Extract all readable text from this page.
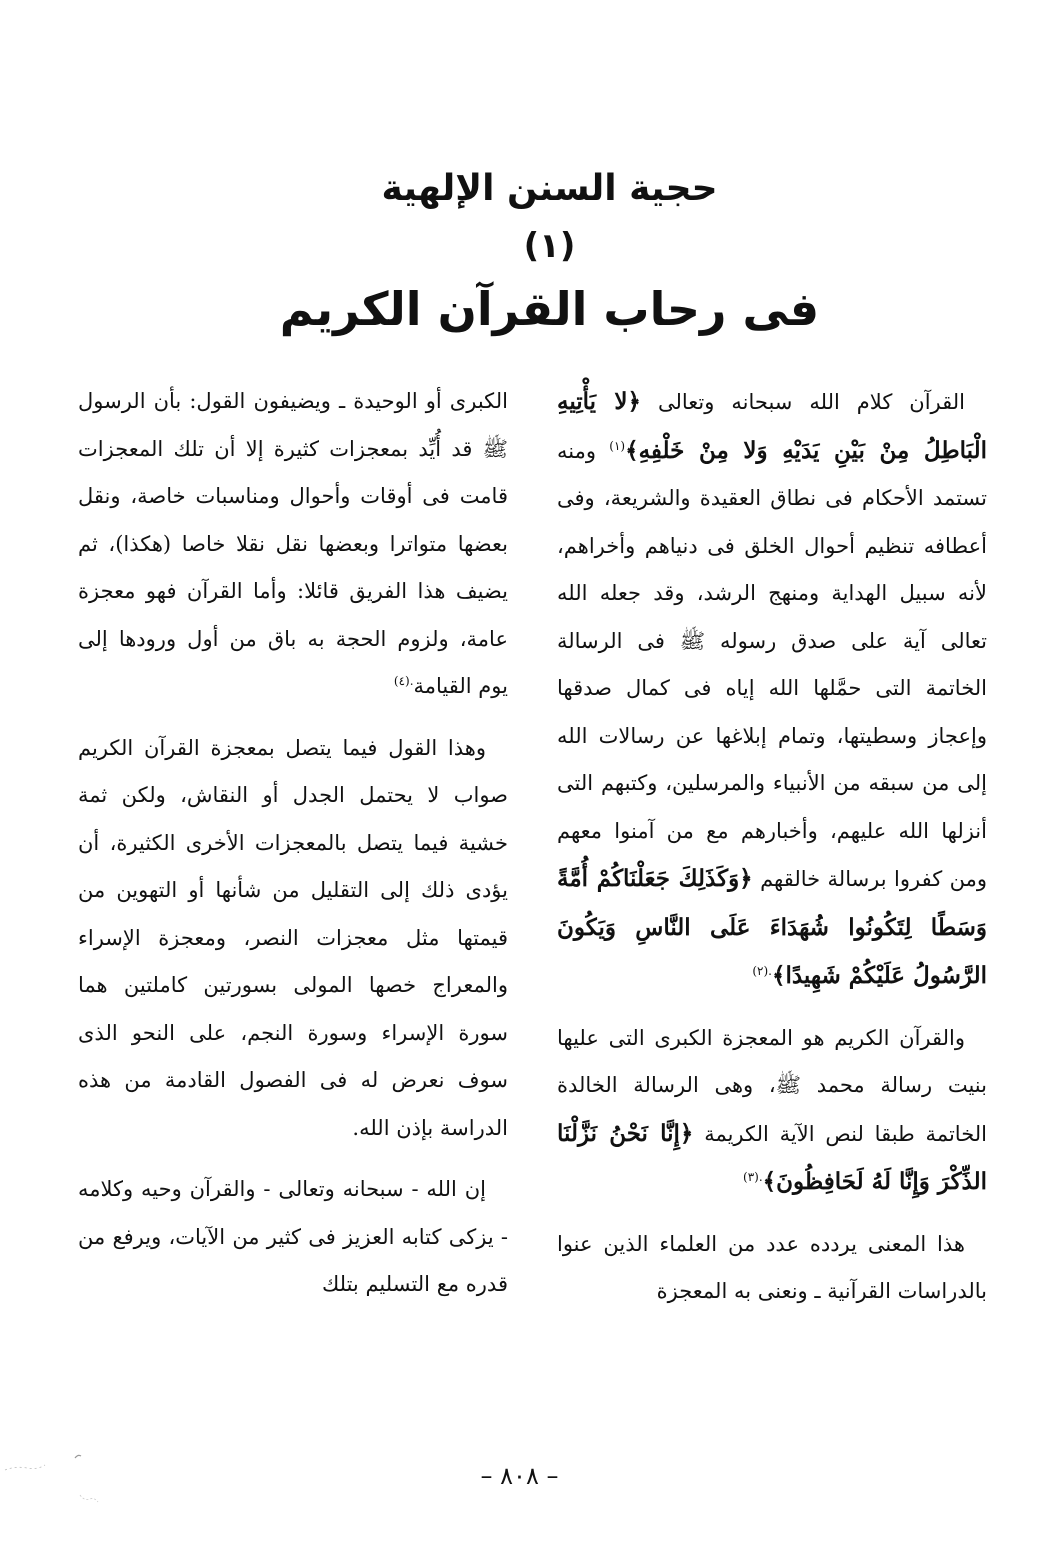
حجية السنن الإلهية
(١)
فى رحاب القرآن الكريم

القرآن كلام الله سبحانه وتعالى ﴿لا يَأْتِيهِ الْبَاطِلُ مِنْ بَيْنِ يَدَيْهِ وَلا مِنْ خَلْفِهِ﴾$^{(١)}$ ومنه تستمد الأحكام فى نطاق العقيدة والشريعة، وفى أعطافه تنظيم أحوال الخلق فى دنياهم وأخراهم، لأنه سبيل الهداية ومنهج الرشد، وقد جعله الله تعالى آية على صدق رسوله ﷺ فى الرسالة الخاتمة التى حمَّلها الله إياه فى كمال صدقها وإعجاز وسطيتها، وتمام إبلاغها عن رسالات الله إلى من سبقه من الأنبياء والمرسلين، وكتبهم التى أنزلها الله عليهم، وأخبارهم مع من آمنوا معهم ومن كفروا برسالة خالقهم ﴿وَكَذَلِكَ جَعَلْنَاكُمْ أُمَّةً وَسَطًا لِتَكُونُوا شُهَدَاءَ عَلَى النَّاسِ وَيَكُونَ الرَّسُولُ عَلَيْكُمْ شَهِيدًا﴾$^{.(٢)}$

والقرآن الكريم هو المعجزة الكبرى التى عليها بنيت رسالة محمد ﷺ، وهى الرسالة الخالدة الخاتمة طبقا لنص الآية الكريمة ﴿إِنَّا نَحْنُ نَزَّلْنَا الذِّكْرَ وَإِنَّا لَهُ لَحَافِظُونَ﴾$^{.(٣)}$

هذا المعنى يردده عدد من العلماء الذين عنوا بالدراسات القرآنية ـ ونعنى به المعجزة

الكبرى أو الوحيدة ـ ويضيفون القول: بأن الرسول ﷺ قد أُيِّد بمعجزات كثيرة إلا أن تلك المعجزات قامت فى أوقات وأحوال ومناسبات خاصة، ونقل بعضها متواترا وبعضها نقل نقلا خاصا (هكذا)، ثم يضيف هذا الفريق قائلا: وأما القرآن فهو معجزة عامة، ولزوم الحجة به باق من أول ورودها إلى يوم القيامة$^{.(٤)}$

وهذا القول فيما يتصل بمعجزة القرآن الكريم صواب لا يحتمل الجدل أو النقاش، ولكن ثمة خشية فيما يتصل بالمعجزات الأخرى الكثيرة، أن يؤدى ذلك إلى التقليل من شأنها أو التهوين من قيمتها مثل معجزات النصر، ومعجزة الإسراء والمعراج خصها المولى بسورتين كاملتين هما سورة الإسراء وسورة النجم، على النحو الذى سوف نعرض له فى الفصول القادمة من هذه الدراسة بإذن الله.

إن الله - سبحانه وتعالى - والقرآن وحيه وكلامه - يزكى كتابه العزيز فى كثير من الآيات، ويرفع من قدره مع التسليم بتلك

– ٨٠٨ –
